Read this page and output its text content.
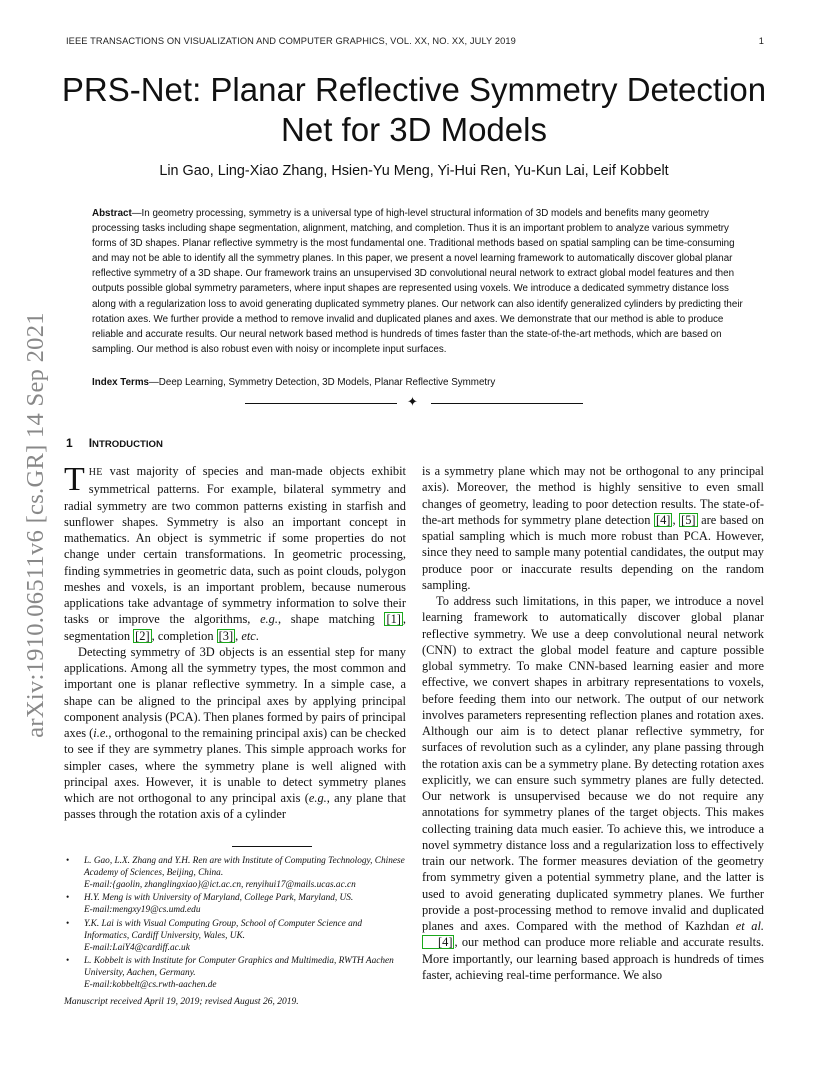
IEEE TRANSACTIONS ON VISUALIZATION AND COMPUTER GRAPHICS, VOL. XX, NO. XX, JULY 2019	1
PRS-Net: Planar Reflective Symmetry Detection
Net for 3D Models
Lin Gao, Ling-Xiao Zhang, Hsien-Yu Meng, Yi-Hui Ren, Yu-Kun Lai, Leif Kobbelt
Abstract—In geometry processing, symmetry is a universal type of high-level structural information of 3D models and benefits many geometry processing tasks including shape segmentation, alignment, matching, and completion. Thus it is an important problem to analyze various symmetry forms of 3D shapes. Planar reflective symmetry is the most fundamental one. Traditional methods based on spatial sampling can be time-consuming and may not be able to identify all the symmetry planes. In this paper, we present a novel learning framework to automatically discover global planar reflective symmetry of a 3D shape. Our framework trains an unsupervised 3D convolutional neural network to extract global model features and then outputs possible global symmetry parameters, where input shapes are represented using voxels. We introduce a dedicated symmetry distance loss along with a regularization loss to avoid generating duplicated symmetry planes. Our network can also identify generalized cylinders by predicting their rotation axes. We further provide a method to remove invalid and duplicated planes and axes. We demonstrate that our method is able to produce reliable and accurate results. Our neural network based method is hundreds of times faster than the state-of-the-art methods, which are based on sampling. Our method is also robust even with noisy or incomplete input surfaces.
Index Terms—Deep Learning, Symmetry Detection, 3D Models, Planar Reflective Symmetry
✦
arXiv:1910.06511v6 [cs.GR] 14 Sep 2021 1 INTRODUCTION

THE vast majority of species and man-made objects exhibit symmetrical patterns. For example, bilateral symmetry and radial symmetry are two common patterns existing in starfish and sunflower shapes. Symmetry is also an important concept in mathematics. An object is symmetric if some properties do not change under certain transformations. In geometric processing, finding symmetries in geometric data, such as point clouds, polygon meshes and voxels, is an important problem, because numerous applications take advantage of symmetry information to solve their tasks or improve the algorithms, e.g., shape matching [1] , segmentation [2] , completion [3] , etc.

Detecting symmetry of 3D objects is an essential step for many applications. Among all the symmetry types, the most common and important one is planar reflective symmetry. In a simple case, a shape can be aligned to the principal axes by applying principal component analysis (PCA). Then planes formed by pairs of principal axes (i.e., orthogonal to the remaining principal axis) can be checked to see if they are symmetry planes. This simple approach works for simpler cases, where the symmetry plane is well aligned with principal axes. However, it is unable to detect symmetry planes which are not orthogonal to any principal axis (e.g., any plane that passes through the rotation axis of a cylinder

• L. Gao, L.X. Zhang and Y.H. Ren are with Institute of Computing Technology, Chinese Academy of Sciences, Beijing, China.
E-mail:{gaolin, zhanglingxiao}@ict.ac.cn, renyihui17@mails.ucas.ac.cn
• H.Y. Meng is with University of Maryland, College Park, Maryland, US.
E-mail:mengxy19@cs.umd.edu
• Y.K. Lai is with Visual Computing Group, School of Computer Science and Informatics, Cardiff University, Wales, UK.
E-mail:LaiY4@cardiff.ac.uk
• L. Kobbelt is with Institute for Computer Graphics and Multimedia, RWTH Aachen University, Aachen, Germany.
E-mail:kobbelt@cs.rwth-aachen.de
Manuscript received April 19, 2019; revised August 26, 2019.

is a symmetry plane which may not be orthogonal to any principal axis). Moreover, the method is highly sensitive to even small changes of geometry, leading to poor detection results. The state-of-the-art methods for symmetry plane detection [4] , [5] are based on spatial sampling which is much more robust than PCA. However, since they need to sample many potential candidates, the output may produce poor or inaccurate results depending on the random sampling.

To address such limitations, in this paper, we introduce a novel learning framework to automatically discover global planar reflective symmetry. We use a deep convolutional neural network (CNN) to extract the global model feature and capture possible global symmetry. To make CNN-based learning easier and more effective, we convert shapes in arbitrary representations to voxels, before feeding them into our network. The output of our network involves parameters representing reflection planes and rotation axes. Although our aim is to detect planar reflective symmetry, for surfaces of revolution such as a cylinder, any plane passing through the rotation axis can be a symmetry plane. By detecting rotation axes explicitly, we can ensure such symmetry planes are fully detected. Our network is unsupervised because we do not require any annotations for symmetry planes of the target objects. This makes collecting training data much easier. To achieve this, we introduce a novel symmetry distance loss and a regularization loss to effectively train our network. The former measures deviation of the geometry from symmetry given a potential symmetry plane, and the latter is used to avoid generating duplicated symmetry planes. We further provide a post-processing method to remove invalid and duplicated planes and axes. Compared with the method of Kazhdan et al. [4] , our method can produce more reliable and accurate results. More importantly, our learning based approach is hundreds of times faster, achieving real-time performance. We also
